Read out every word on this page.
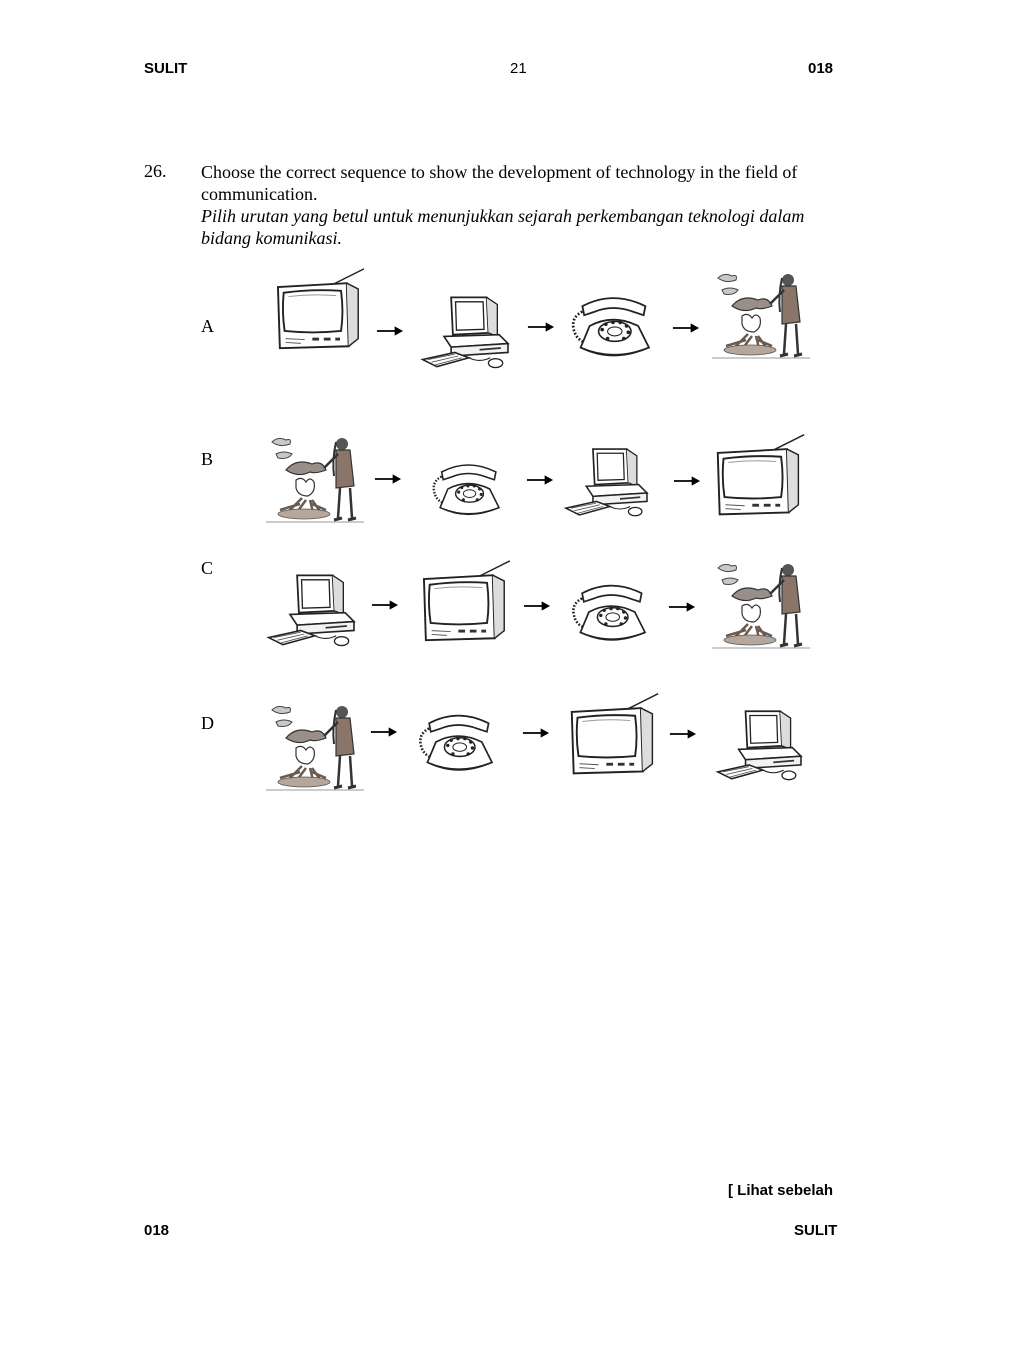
SULIT	21	018
26. Choose the correct sequence to show the development of technology in the field of

communication.

Pilih urutan yang betul untuk menunjukkan sejarah perkembangan teknologi dalam

bidang komunikasi.

A
B
C
D
[ Lihat sebelah
018	SULIT
